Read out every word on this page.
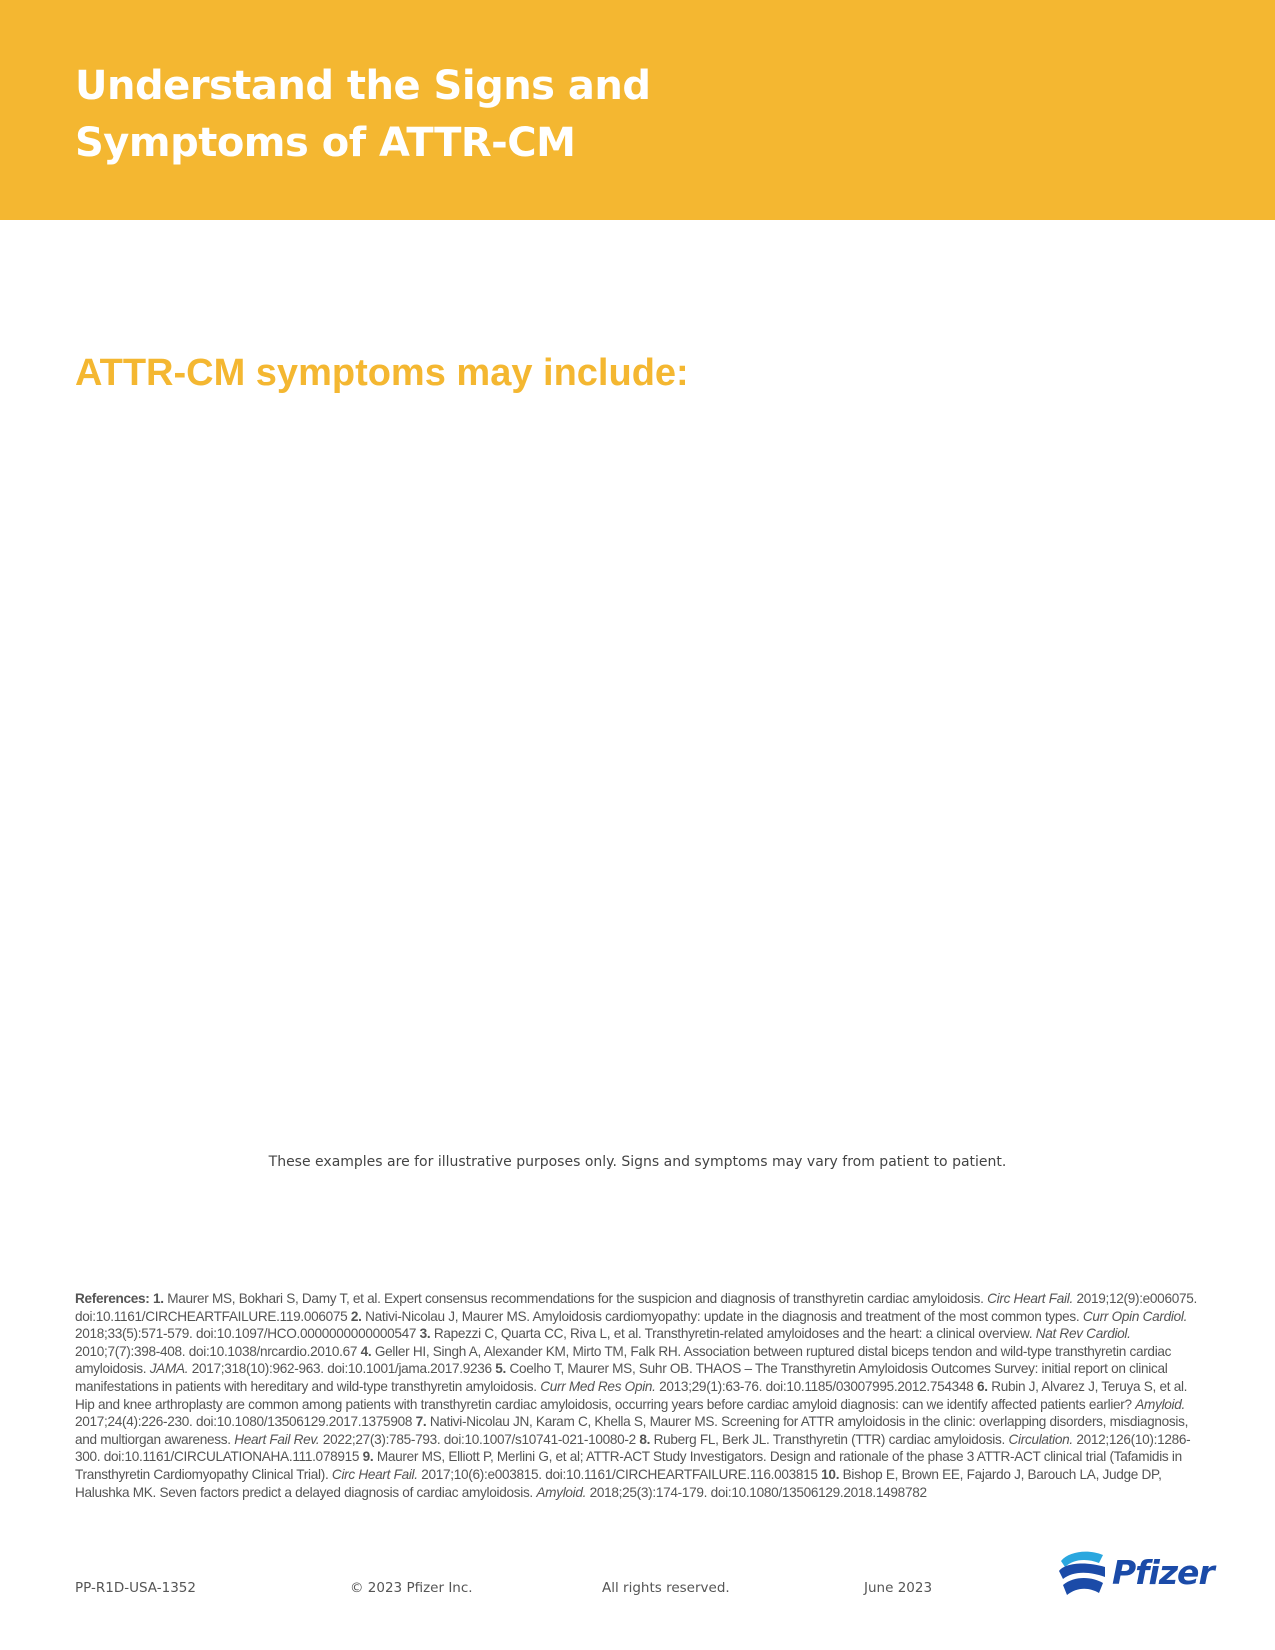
Understand the Signs and
Symptoms of ATTR-CM
ATTR-CM symptoms may include:
These examples are for illustrative purposes only. Signs and symptoms may vary from patient to patient.

References: 1. Maurer MS, Bokhari S, Damy T, et al. Expert consensus recommendations for the suspicion and diagnosis of transthyretin cardiac amyloidosis. Circ Heart Fail. 2019;12(9):e006075. doi:10.1161/CIRCHEARTFAILURE.119.006075 2. Nativi-Nicolau J, Maurer MS. Amyloidosis cardiomyopathy: update in the diagnosis and treatment of the most common types. Curr Opin Cardiol. 2018;33(5):571-579. doi:10.1097/HCO.0000000000000547 3. Rapezzi C, Quarta CC, Riva L, et al. Transthyretin-related amyloidoses and the heart: a clinical overview. Nat Rev Cardiol. 2010;7(7):398-408. doi:10.1038/nrcardio.2010.67 4. Geller HI, Singh A, Alexander KM, Mirto TM, Falk RH. Association between ruptured distal biceps tendon and wild-type transthyretin cardiac amyloidosis. JAMA. 2017;318(10):962-963. doi:10.1001/jama.2017.9236 5. Coelho T, Maurer MS, Suhr OB. THAOS – The Transthyretin Amyloidosis Outcomes Survey: initial report on clinical manifestations in patients with hereditary and wild-type transthyretin amyloidosis. Curr Med Res Opin. 2013;29(1):63-76. doi:10.1185/03007995.2012.754348 6. Rubin J, Alvarez J, Teruya S, et al. Hip and knee arthroplasty are common among patients with transthyretin cardiac amyloidosis, occurring years before cardiac amyloid diagnosis: can we identify affected patients earlier? Amyloid. 2017;24(4):226-230. doi:10.1080/13506129.2017.1375908 7. Nativi-Nicolau JN, Karam C, Khella S, Maurer MS. Screening for ATTR amyloidosis in the clinic: overlapping disorders, misdiagnosis, and multiorgan awareness. Heart Fail Rev. 2022;27(3):785-793. doi:10.1007/s10741-021-10080-2 8. Ruberg FL, Berk JL. Transthyretin (TTR) cardiac amyloidosis. Circulation. 2012;126(10):1286-300. doi:10.1161/CIRCULATIONAHA.111.078915 9. Maurer MS, Elliott P, Merlini G, et al; ATTR-ACT Study Investigators. Design and rationale of the phase 3 ATTR-ACT clinical trial (Tafamidis in Transthyretin Cardiomyopathy Clinical Trial). Circ Heart Fail. 2017;10(6):e003815. doi:10.1161/CIRCHEARTFAILURE.116.003815 10. Bishop E, Brown EE, Fajardo J, Barouch LA, Judge DP, Halushka MK. Seven factors predict a delayed diagnosis of cardiac amyloidosis. Amyloid. 2018;25(3):174-179. doi:10.1080/13506129.2018.1498782

PP-R1D-USA-1352	© 2023 Pfizer Inc.	All rights reserved.	June 2023	Pfizer
